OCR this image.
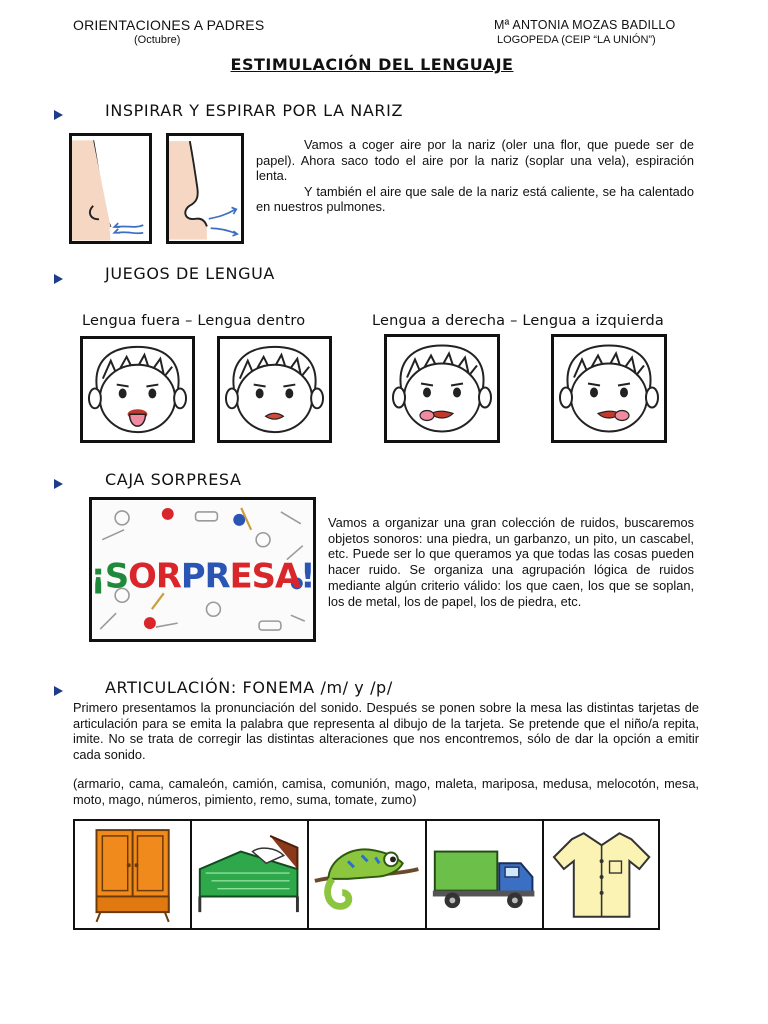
ORIENTACIONES A PADRES
(Octubre)
Mª ANTONIA MOZAS BADILLO
LOGOPEDA (CEIP “LA UNIÓN”)
ESTIMULACIÓN DEL LENGUAJE
INSPIRAR Y ESPIRAR POR LA NARIZ

Vamos a coger aire por la nariz (oler una flor, que puede ser de papel). Ahora saco todo el aire por la nariz (soplar una vela), espiración lenta.

Y también el aire que sale de la nariz está caliente, se ha calentado en nuestros pulmones.

JUEGOS DE LENGUA
Lengua fuera – Lengua dentro	Lengua a derecha – Lengua a izquierda
CAJA SORPRESA
¡SORPRESA!
Vamos a organizar una gran colección de ruidos, buscaremos objetos sonoros: una piedra, un garbanzo, un pito, un cascabel, etc. Puede ser lo que queramos ya que todas las cosas pueden hacer ruido. Se organiza una agrupación lógica de ruidos mediante algún criterio válido: los que caen, los que se soplan, los de metal, los de papel, los de piedra, etc.
ARTICULACIÓN: FONEMA /m/ y /p/
Primero presentamos la pronunciación del sonido. Después se ponen sobre la mesa las distintas tarjetas de articulación para se emita la palabra que representa al dibujo de la tarjeta. Se pretende que el niño/a repita, imite. No se trata de corregir las distintas alteraciones que nos encontremos, sólo de dar la opción a emitir cada sonido.
(armario, cama, camaleón, camión, camisa, comunión, mago, maleta, mariposa, medusa, melocotón, mesa, moto, mago, números, pimiento, remo, suma, tomate, zumo)
